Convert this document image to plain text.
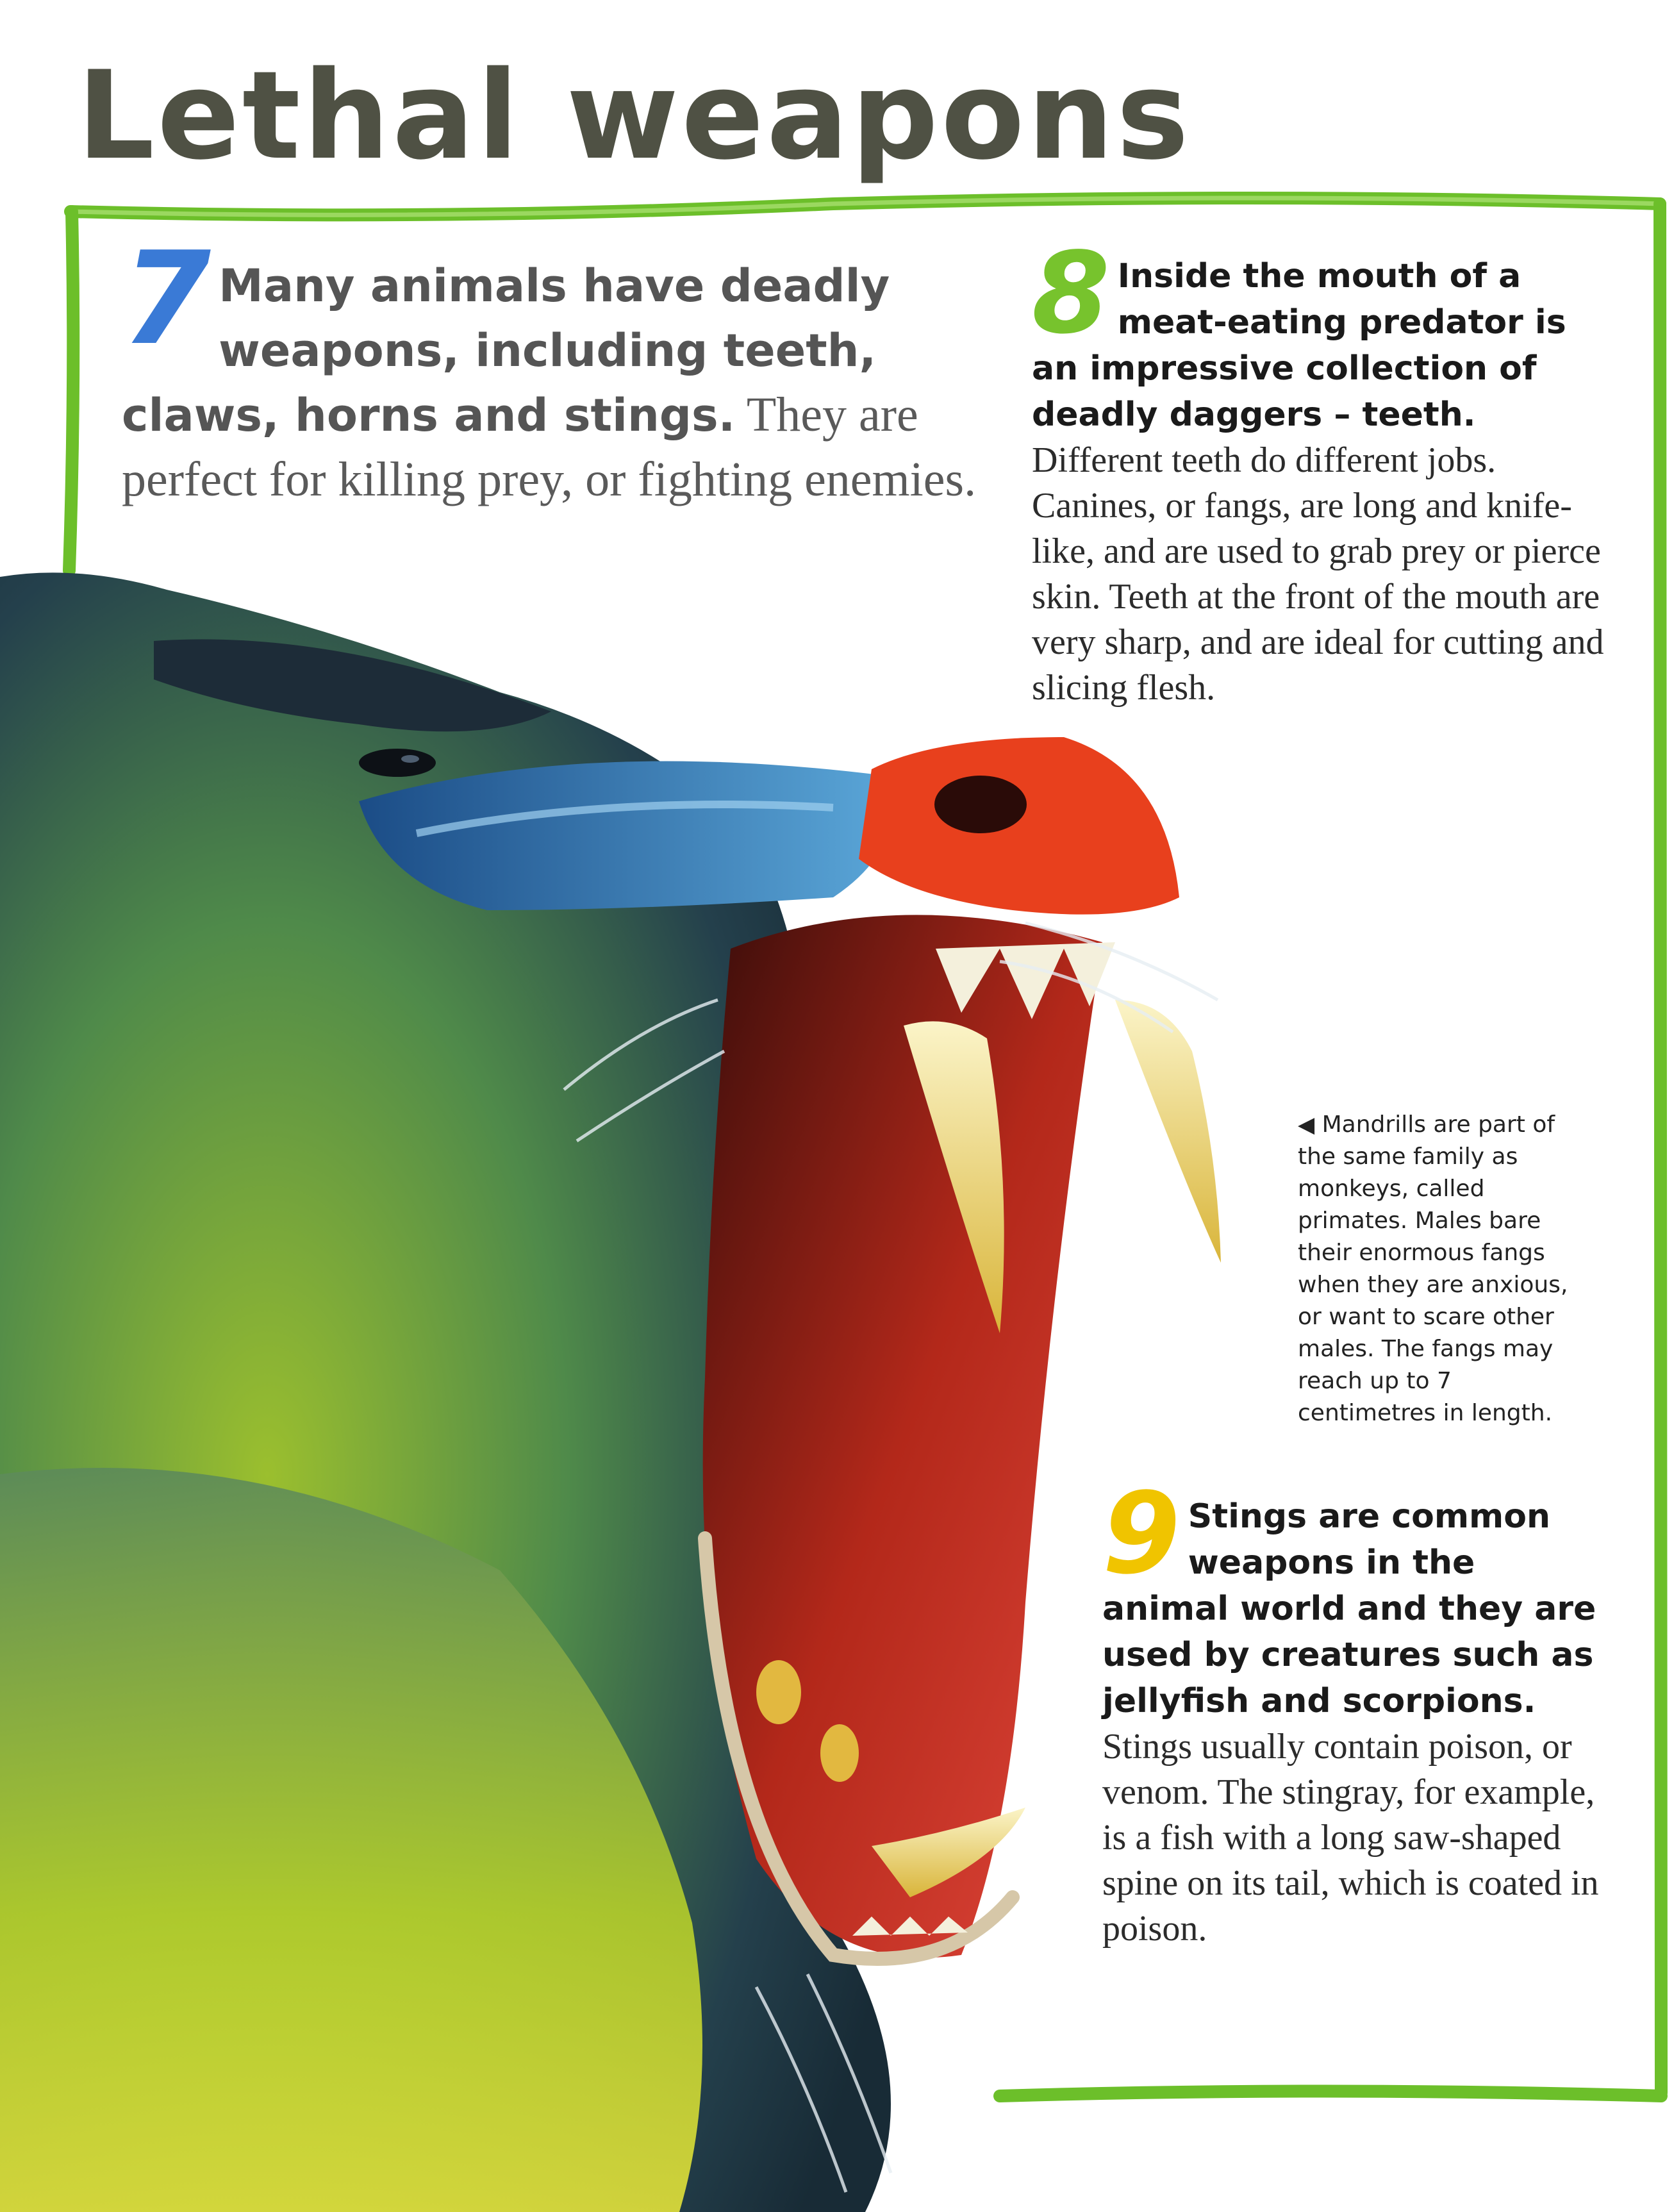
Lethal weapons
7 Many animals have deadly weapons, including teeth, claws, horns and stings. They are perfect for killing prey, or fighting enemies.
8 Inside the mouth of a meat-eating predator is an impressive collection of deadly daggers – teeth. Different teeth do different jobs. Canines, or fangs, are long and knife-like, and are used to grab prey or pierce skin. Teeth at the front of the mouth are very sharp, and are ideal for cutting and slicing flesh.
◀ Mandrills are part of the same family as monkeys, called primates. Males bare their enormous fangs when they are anxious, or want to scare other males. The fangs may reach up to 7 centimetres in length.
9 Stings are common weapons in the animal world and they are used by creatures such as jellyfish and scorpions. Stings usually contain poison, or venom. The stingray, for example, is a fish with a long saw-shaped spine on its tail, which is coated in poison.
